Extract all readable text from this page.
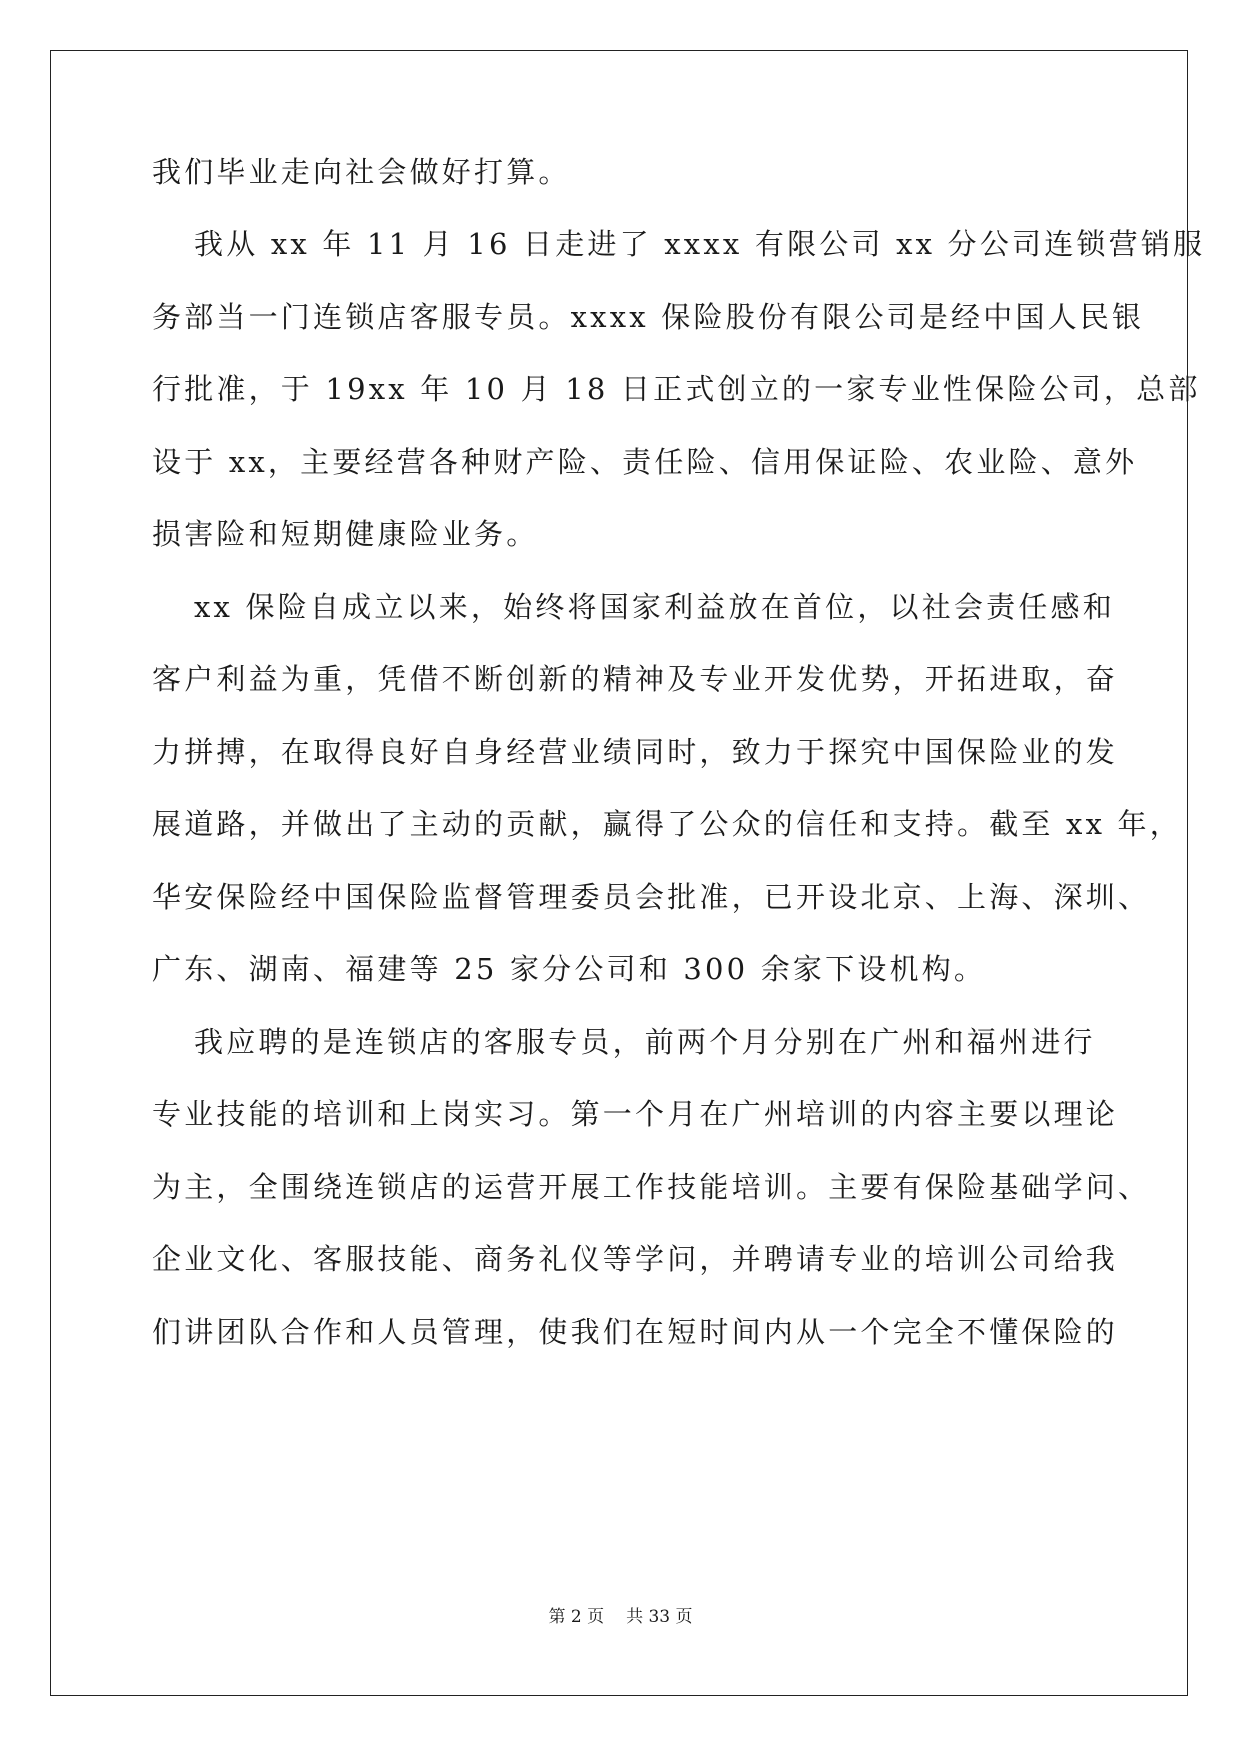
我们毕业走向社会做好打算。
我从 xx 年 11 月 16 日走进了 xxxx 有限公司 xx 分公司连锁营销服
务部当一门连锁店客服专员。xxxx 保险股份有限公司是经中国人民银
行批准，于 19xx 年 10 月 18 日正式创立的一家专业性保险公司，总部
设于 xx，主要经营各种财产险、责任险、信用保证险、农业险、意外
损害险和短期健康险业务。
xx 保险自成立以来，始终将国家利益放在首位，以社会责任感和
客户利益为重，凭借不断创新的精神及专业开发优势，开拓进取，奋
力拼搏，在取得良好自身经营业绩同时，致力于探究中国保险业的发
展道路，并做出了主动的贡献，赢得了公众的信任和支持。截至 xx 年，
华安保险经中国保险监督管理委员会批准，已开设北京、上海、深圳、
广东、湖南、福建等 25 家分公司和 300 余家下设机构。
我应聘的是连锁店的客服专员，前两个月分别在广州和福州进行
专业技能的培训和上岗实习。第一个月在广州培训的内容主要以理论
为主，全围绕连锁店的运营开展工作技能培训。主要有保险基础学问、
企业文化、客服技能、商务礼仪等学问，并聘请专业的培训公司给我
们讲团队合作和人员管理，使我们在短时间内从一个完全不懂保险的
第 2 页 共 33 页
